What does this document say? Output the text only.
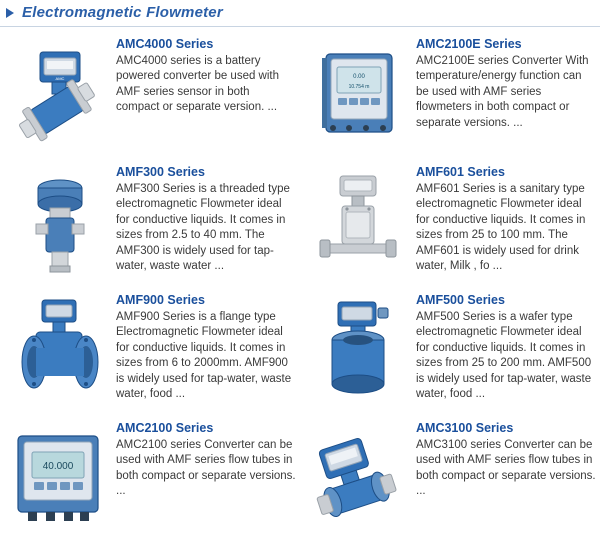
Electromagnetic Flowmeter
AMC
AMC4000 Series
AMC4000 series is a battery powered converter be used with AMF series sensor in both compact or separate version. ...
0.00
10.754 m
AMC2100E Series
AMC2100E series Converter With temperature/energy function can be used with AMF series flowmeters in both compact or separate versions. ...
AMF300 Series
AMF300 Series is a threaded type electromagnetic Flowmeter ideal for conductive liquids. It comes in sizes from 2.5 to 40 mm. The AMF300 is widely used for tap-water, waste water ...
AMF601 Series
AMF601 Series is a sanitary type electromagnetic Flowmeter ideal for conductive liquids. It comes in sizes from 25 to 100 mm. The AMF601 is widely used for drink water, Milk , fo ...
AMF900 Series
AMF900 Series is a flange type Electromagnetic Flowmeter ideal for conductive liquids. It comes in sizes from 6 to 2000mm. AMF900 is widely used for tap-water, waste water, food ...
AMF500 Series
AMF500 Series is a wafer type electromagnetic Flowmeter ideal for conductive liquids. It comes in sizes from 25 to 200 mm. AMF500 is widely used for tap-water, waste water, food ...
40.000
AMC2100 Series
AMC2100 series Converter can be used with AMF series flow tubes in both compact or separate versions. ...
AMC3100 Series
AMC3100 series Converter can be used with AMF series flow tubes in both compact or separate versions. ...
